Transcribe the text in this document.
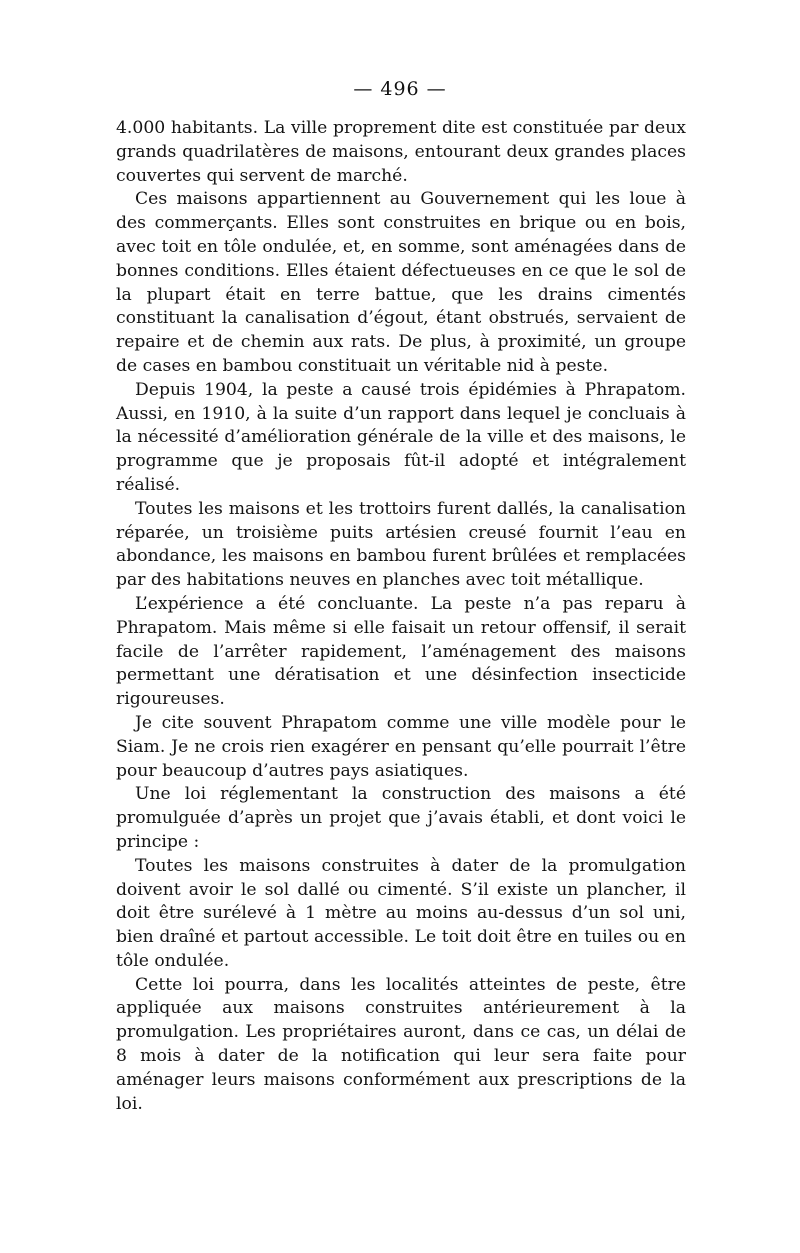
— 496 —

4.000 habitants. La ville proprement dite est constituée par deux grands quadrilatères de maisons, entourant deux grandes places couvertes qui servent de marché.

Ces maisons appartiennent au Gouvernement qui les loue à des commerçants. Elles sont construites en brique ou en bois, avec toit en tôle ondulée, et, en somme, sont aménagées dans de bonnes conditions. Elles étaient défectueuses en ce que le sol de la plupart était en terre battue, que les drains cimentés constituant la canalisation d’égout, étant obstrués, servaient de repaire et de chemin aux rats. De plus, à proximité, un groupe de cases en bambou constituait un véritable nid à peste.

Depuis 1904, la peste a causé trois épidémies à Phrapatom. Aussi, en 1910, à la suite d’un rapport dans lequel je concluais à la nécessité d’amélioration générale de la ville et des maisons, le programme que je proposais fût-il adopté et intégralement réalisé.

Toutes les maisons et les trottoirs furent dallés, la canalisation réparée, un troisième puits artésien creusé fournit l’eau en abondance, les maisons en bambou furent brûlées et remplacées par des habitations neuves en planches avec toit métallique.

L’expérience a été concluante. La peste n’a pas reparu à Phrapatom. Mais même si elle faisait un retour offensif, il serait facile de l’arrêter rapidement, l’aménagement des maisons permettant une dératisation et une désinfection insecticide rigoureuses.

Je cite souvent Phrapatom comme une ville modèle pour le Siam. Je ne crois rien exagérer en pensant qu’elle pourrait l’être pour beaucoup d’autres pays asiatiques.

Une loi réglementant la construction des maisons a été promulguée d’après un projet que j’avais établi, et dont voici le principe :

Toutes les maisons construites à dater de la promulgation doivent avoir le sol dallé ou cimenté. S’il existe un plancher, il doit être surélevé à 1 mètre au moins au-dessus d’un sol uni, bien draîné et partout accessible. Le toit doit être en tuiles ou en tôle ondulée.

Cette loi pourra, dans les localités atteintes de peste, être appliquée aux maisons construites antérieurement à la promulgation. Les propriétaires auront, dans ce cas, un délai de 8 mois à dater de la notification qui leur sera faite pour aménager leurs maisons conformément aux prescriptions de la loi.
